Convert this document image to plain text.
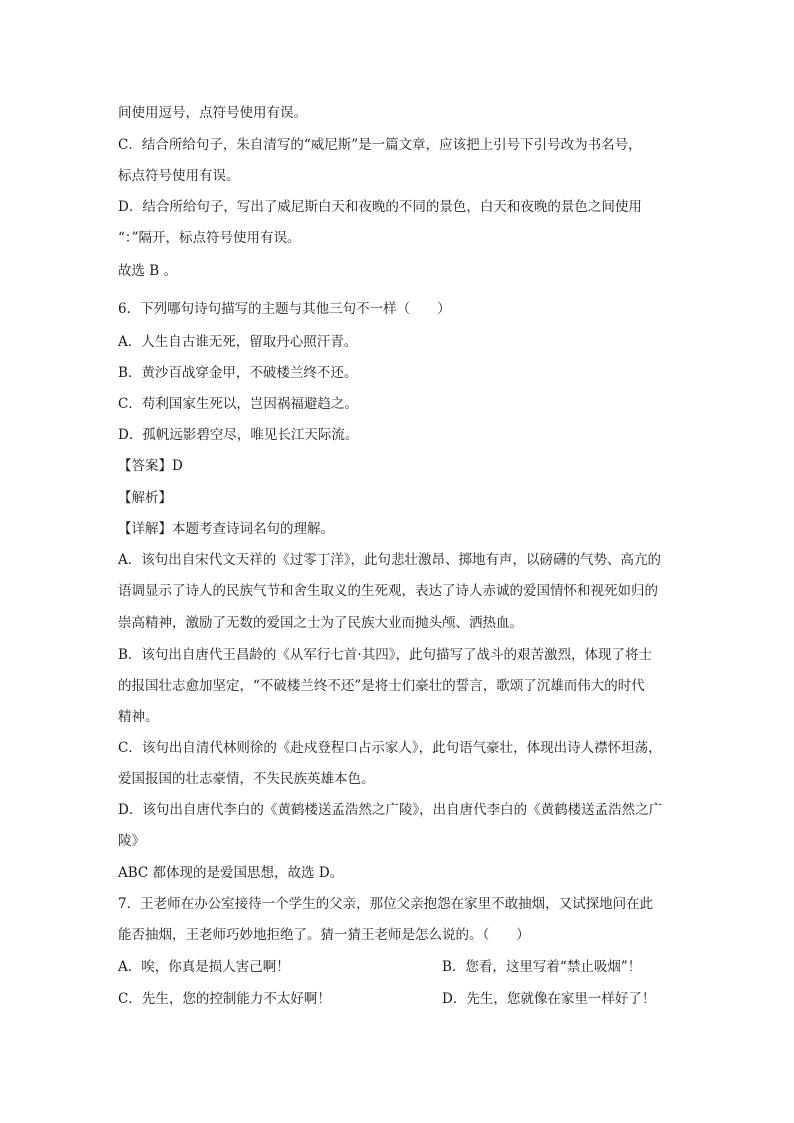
间使用逗号，点符号使用有误。
C．结合所给句子，朱自清写的“威尼斯”是一篇文章，应该把上引号下引号改为书名号，
标点符号使用有误。
D．结合所给句子，写出了威尼斯白天和夜晚的不同的景色，白天和夜晚的景色之间使用
“：”隔开，标点符号使用有误。
故选 B 。
6．下列哪句诗句描写的主题与其他三句不一样（　　）
A．人生自古谁无死，留取丹心照汗青。
B．黄沙百战穿金甲，不破楼兰终不还。
C．苟利国家生死以，岂因祸福避趋之。
D．孤帆远影碧空尽，唯见长江天际流。
【答案】D
【解析】
【详解】本题考查诗词名句的理解。
A．该句出自宋代文天祥的《过零丁洋》，此句悲壮激昂、掷地有声，以磅礴的气势、高亢的
语调显示了诗人的民族气节和舍生取义的生死观，表达了诗人赤诚的爱国情怀和视死如归的
崇高精神，激励了无数的爱国之士为了民族大业而抛头颅、洒热血。
B．该句出自唐代王昌龄的《从军行七首·其四》，此句描写了战斗的艰苦激烈，体现了将士
的报国壮志愈加坚定，“不破楼兰终不还”是将士们豪壮的誓言，歌颂了沉雄而伟大的时代
精神。
C．该句出自清代林则徐的《赴戍登程口占示家人》，此句语气豪壮，体现出诗人襟怀坦荡，
爱国报国的壮志豪情，不失民族英雄本色。
D．该句出自唐代李白的《黄鹤楼送孟浩然之广陵》，出自唐代李白的《黄鹤楼送孟浩然之广
陵》
ABC 都体现的是爱国思想，故选 D。
7．王老师在办公室接待一个学生的父亲，那位父亲抱怨在家里不敢抽烟，又试探地问在此
能否抽烟，王老师巧妙地拒绝了。猜一猜王老师是怎么说的。（　　）
A．唉，你真是损人害己啊！	B．您看，这里写着“禁止吸烟”！
C．先生，您的控制能力不太好啊！	D．先生，您就像在家里一样好了！
